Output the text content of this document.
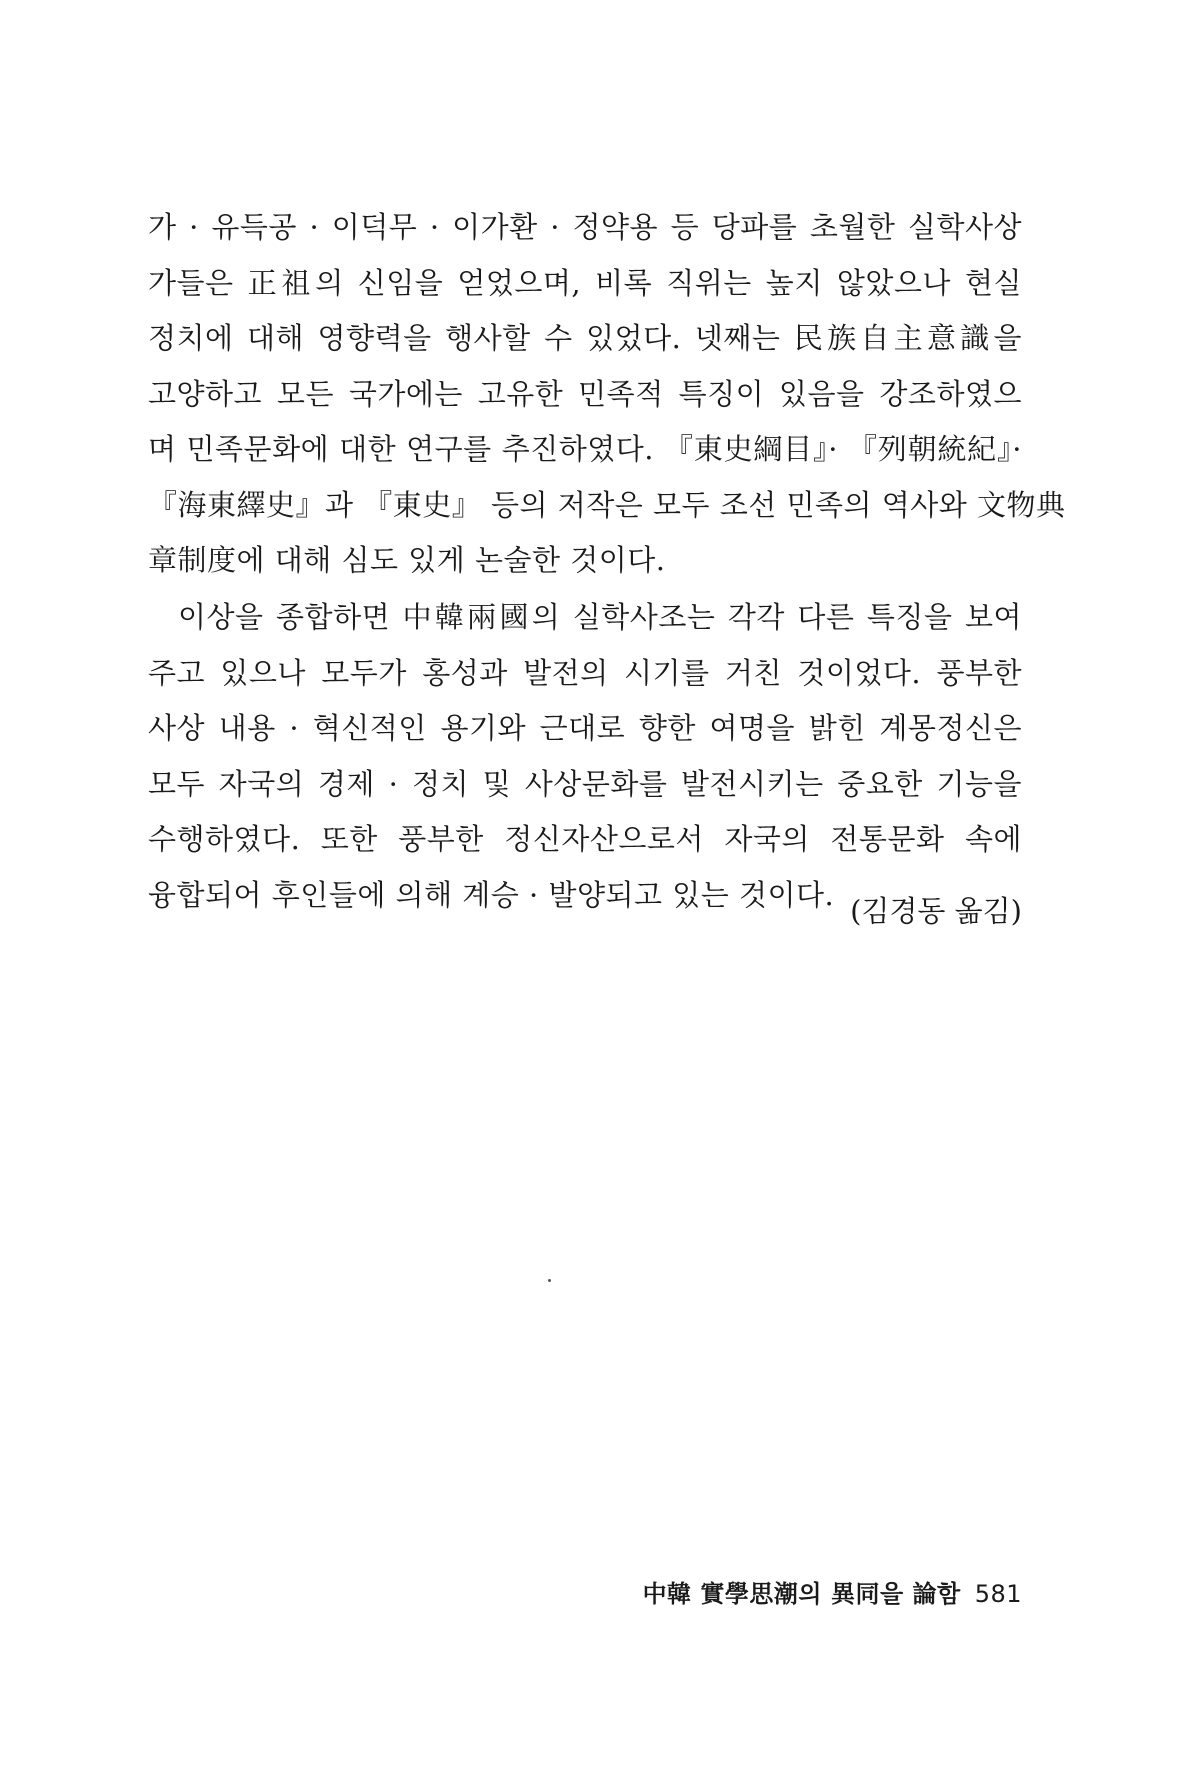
가 · 유득공 · 이덕무 · 이가환 · 정약용 등 당파를 초월한 실학사상
가들은 正祖의 신임을 얻었으며, 비록 직위는 높지 않았으나 현실
정치에 대해 영향력을 행사할 수 있었다. 넷째는 民族自主意識을
고양하고 모든 국가에는 고유한 민족적 특징이 있음을 강조하였으
며 민족문화에 대한 연구를 추진하였다. 『東史綱目』· 『列朝統紀』·
『海東繹史』과 『東史』 등의 저작은 모두 조선 민족의 역사와 文物典
章制度에 대해 심도 있게 논술한 것이다.
이상을 종합하면 中韓兩國의 실학사조는 각각 다른 특징을 보여
주고 있으나 모두가 홍성과 발전의 시기를 거친 것이었다. 풍부한
사상 내용 · 혁신적인 용기와 근대로 향한 여명을 밝힌 계몽정신은
모두 자국의 경제 · 정치 및 사상문화를 발전시키는 중요한 기능을
수행하였다. 또한 풍부한 정신자산으로서 자국의 전통문화 속에
융합되어 후인들에 의해 계승 · 발양되고 있는 것이다. (김경동 옮김)
中韓 實學思潮의 異同을 論함 581
